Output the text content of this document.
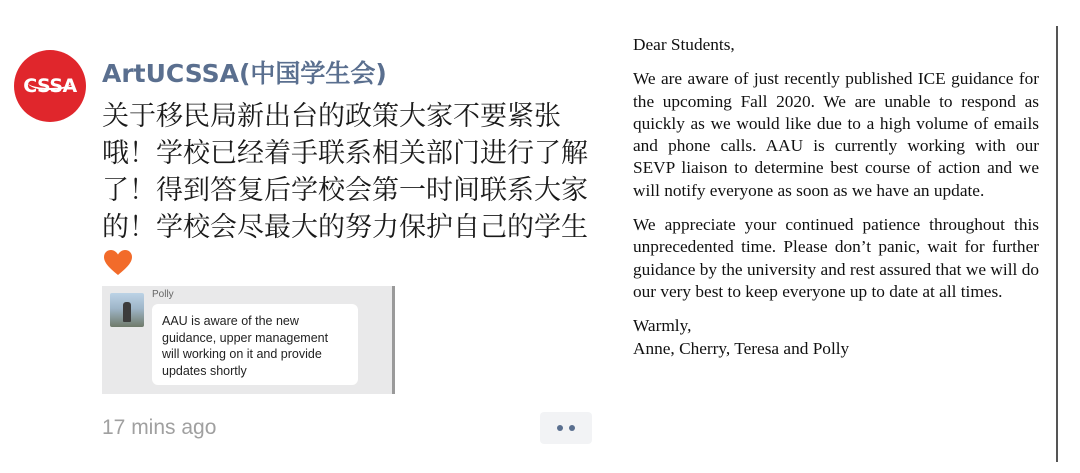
CSSA ArtUCSSA(中国学生会)
关于移民局新出台的政策大家不要紧张哦！学校已经着手联系相关部门进行了解了！得到答复后学校会第一时间联系大家的！学校会尽最大的努力保护自己的学生
Polly
AAU is aware of the new guidance, upper management will working on it and provide updates shortly
17 mins ago

Dear Students,

We are aware of just recently published ICE guidance for the upcoming Fall 2020. We are unable to respond as quickly as we would like due to a high volume of emails and phone calls. AAU is currently working with our SEVP liaison to determine best course of action and we will notify everyone as soon as we have an update.

We appreciate your continued patience throughout this unprecedented time. Please don’t panic, wait for further guidance by the university and rest assured that we will do our very best to keep everyone up to date at all times.

Warmly,

Anne, Cherry, Teresa and Polly
